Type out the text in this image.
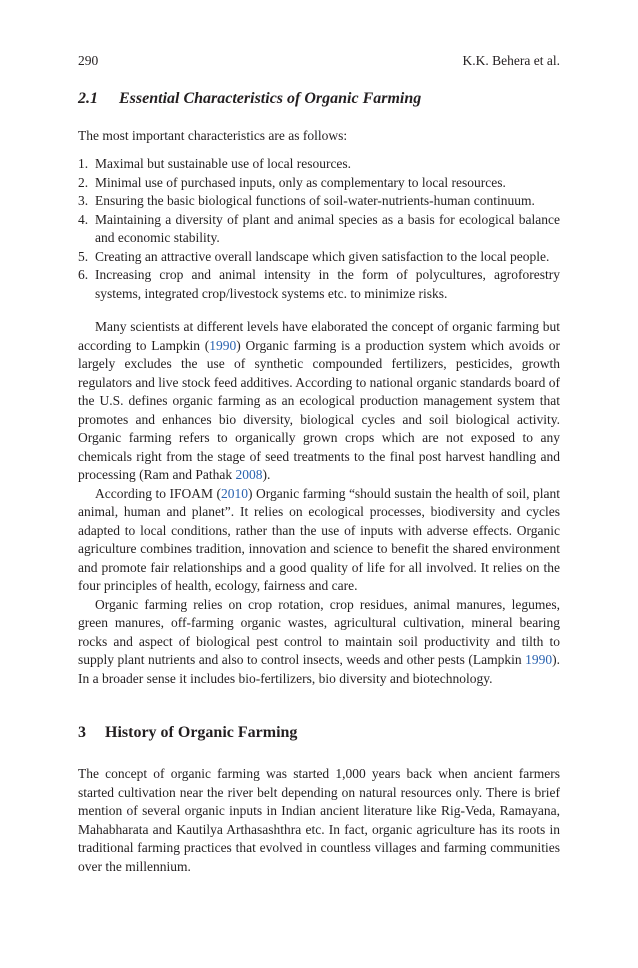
290	K.K. Behera et al.
2.1 Essential Characteristics of Organic Farming
The most important characteristics are as follows:
1. Maximal but sustainable use of local resources.
2. Minimal use of purchased inputs, only as complementary to local resources.
3. Ensuring the basic biological functions of soil-water-nutrients-human continuum.
4. Maintaining a diversity of plant and animal species as a basis for ecological balance and economic stability.
5. Creating an attractive overall landscape which given satisfaction to the local people.
6. Increasing crop and animal intensity in the form of polycultures, agroforestry systems, integrated crop/livestock systems etc. to minimize risks.

Many scientists at different levels have elaborated the concept of organic farming but according to Lampkin (1990) Organic farming is a production system which avoids or largely excludes the use of synthetic compounded fertilizers, pesticides, growth regulators and live stock feed additives. According to national organic standards board of the U.S. defines organic farming as an ecological production management system that promotes and enhances bio diversity, biological cycles and soil biological activity. Organic farming refers to organically grown crops which are not exposed to any chemicals right from the stage of seed treatments to the final post harvest handling and processing (Ram and Pathak 2008).

According to IFOAM (2010) Organic farming “should sustain the health of soil, plant animal, human and planet”. It relies on ecological processes, biodiversity and cycles adapted to local conditions, rather than the use of inputs with adverse effects. Organic agriculture combines tradition, innovation and science to benefit the shared environment and promote fair relationships and a good quality of life for all involved. It relies on the four principles of health, ecology, fairness and care.

Organic farming relies on crop rotation, crop residues, animal manures, legumes, green manures, off-farming organic wastes, agricultural cultivation, mineral bearing rocks and aspect of biological pest control to maintain soil productivity and tilth to supply plant nutrients and also to control insects, weeds and other pests (Lampkin 1990). In a broader sense it includes bio-fertilizers, bio diversity and biotechnology.

3 History of Organic Farming

The concept of organic farming was started 1,000 years back when ancient farmers started cultivation near the river belt depending on natural resources only. There is brief mention of several organic inputs in Indian ancient literature like Rig-Veda, Ramayana, Mahabharata and Kautilya Arthasashthra etc. In fact, organic agriculture has its roots in traditional farming practices that evolved in countless villages and farming communities over the millennium.
